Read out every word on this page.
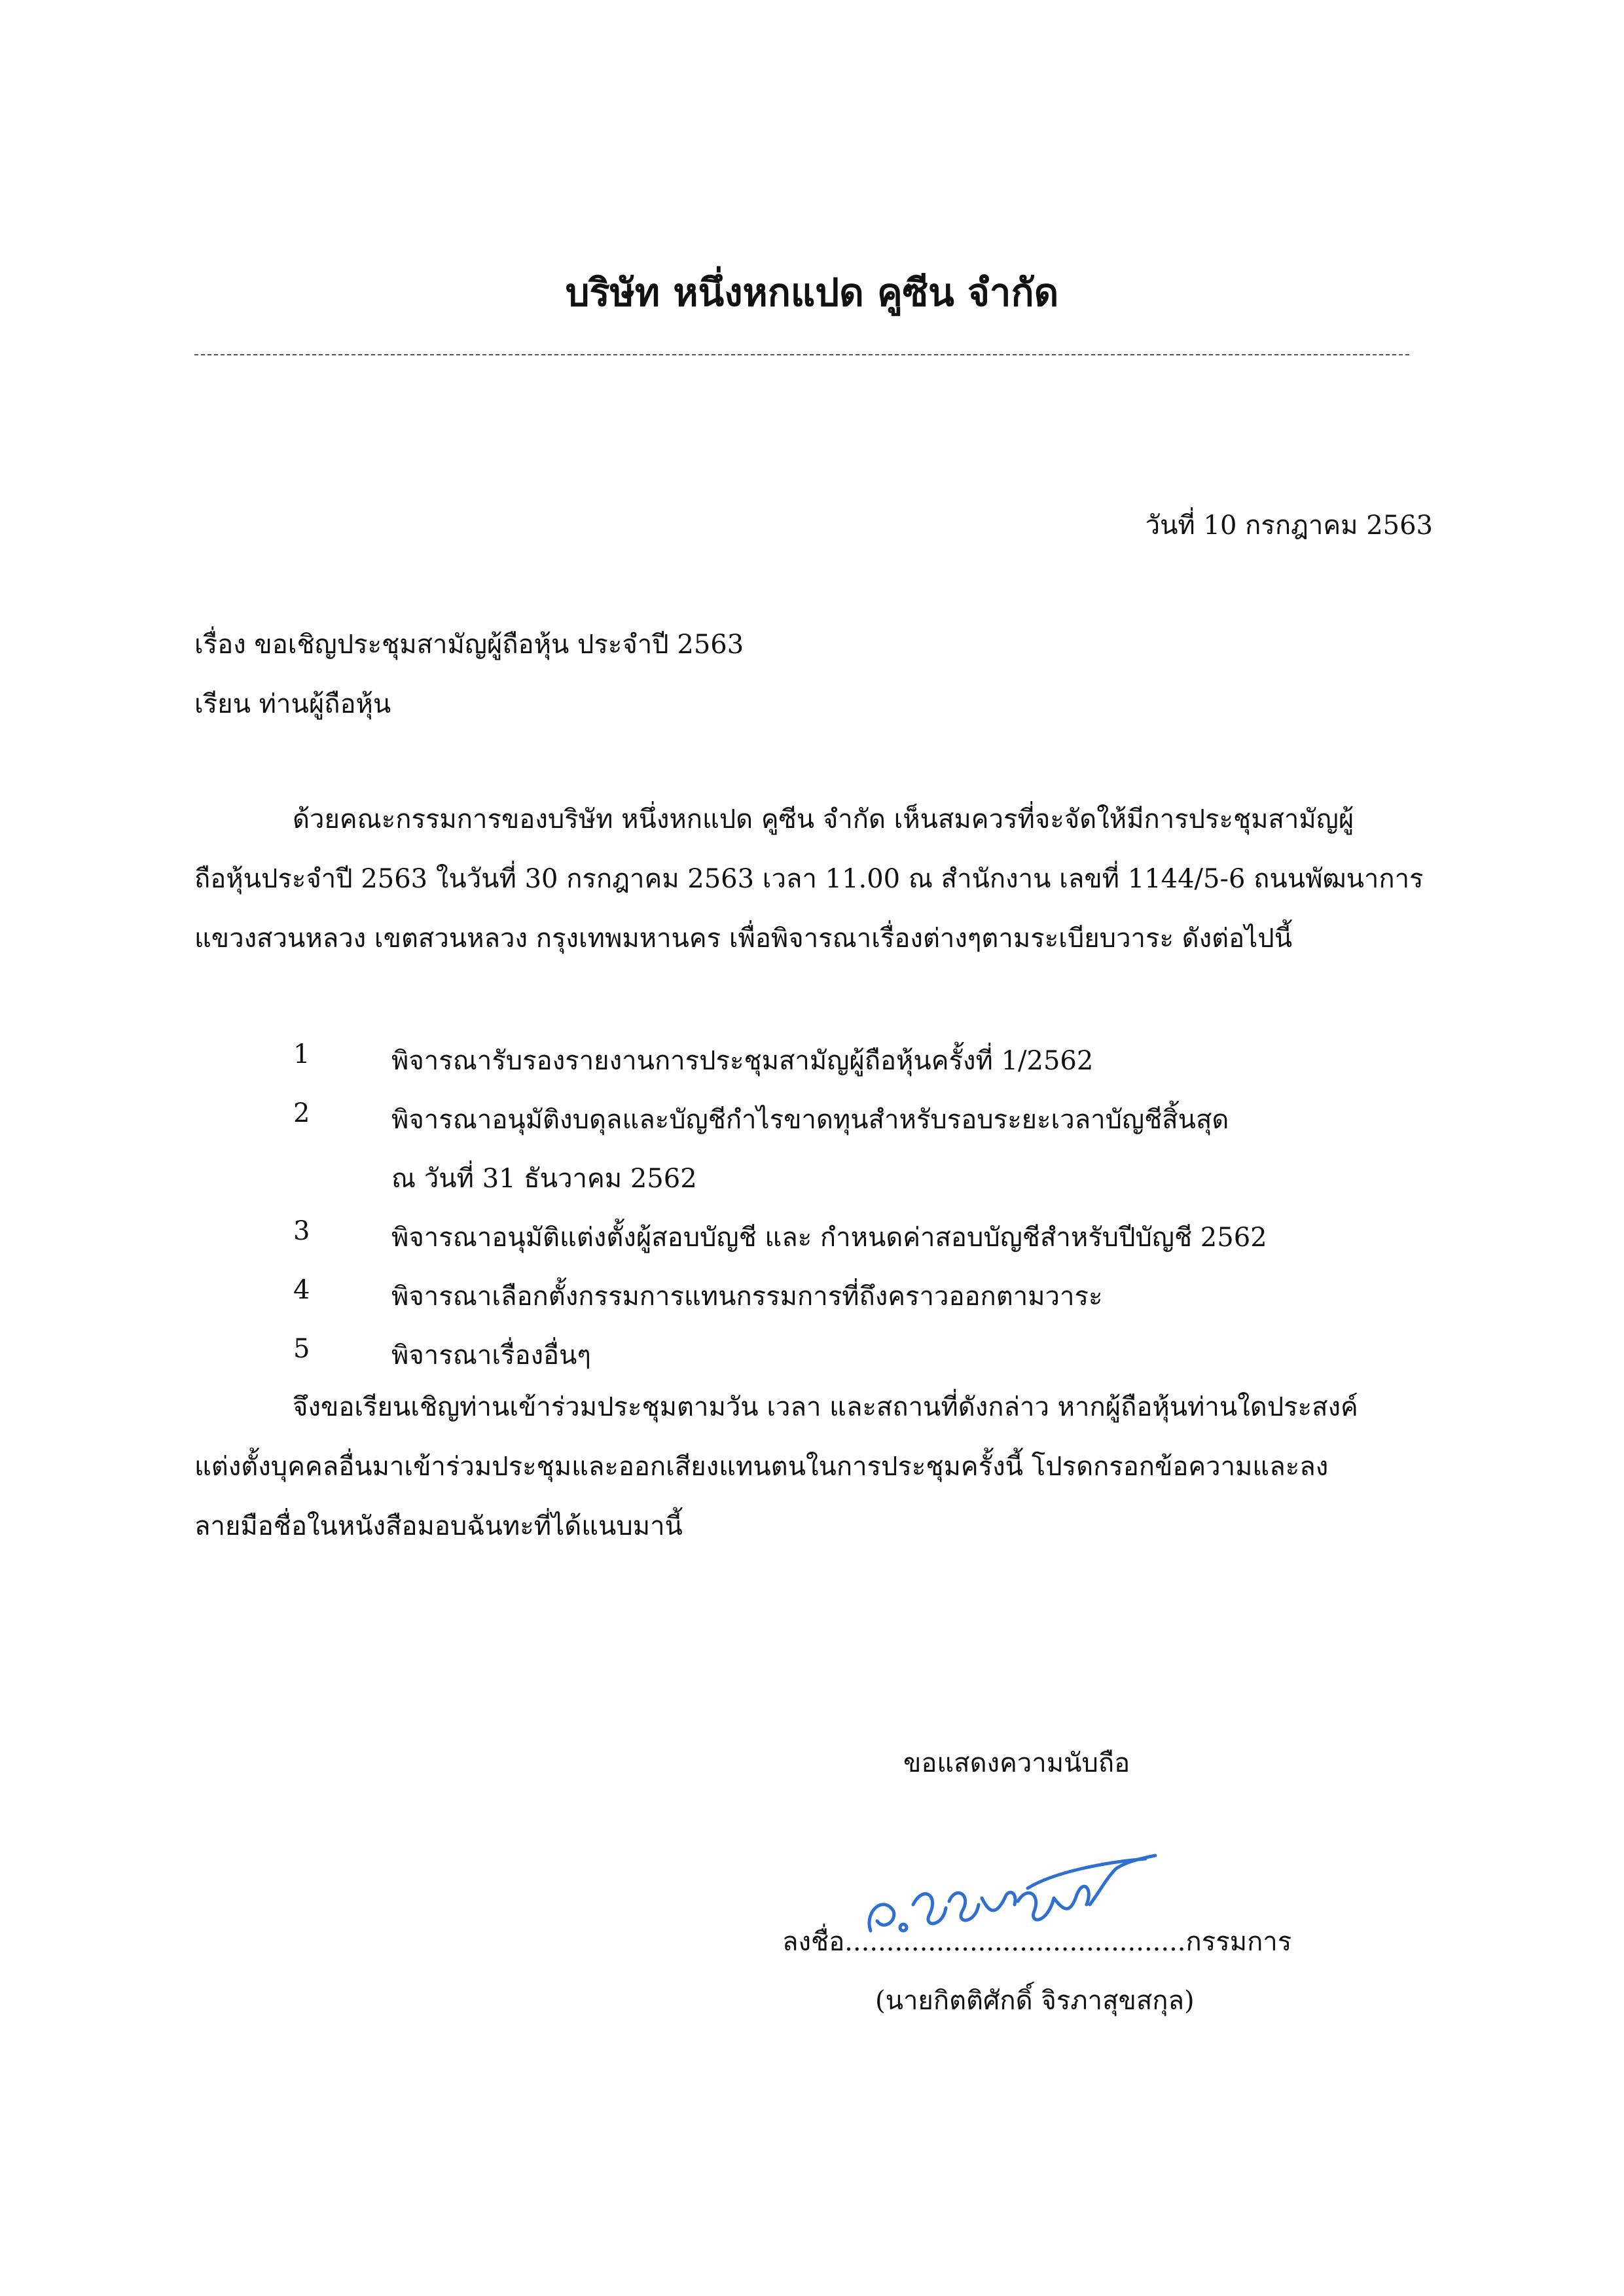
บริษัท หนึ่งหกแปด คูซีน จำกัด
วันที่ 10 กรกฎาคม 2563
เรื่อง ขอเชิญประชุมสามัญผู้ถือหุ้น ประจำปี 2563
เรียน ท่านผู้ถือหุ้น
ด้วยคณะกรรมการของบริษัท หนึ่งหกแปด คูซีน จำกัด เห็นสมควรที่จะจัดให้มีการประชุมสามัญผู้
ถือหุ้นประจำปี 2563 ในวันที่ 30 กรกฎาคม 2563 เวลา 11.00 ณ สำนักงาน เลขที่ 1144/5-6 ถนนพัฒนาการ
แขวงสวนหลวง เขตสวนหลวง กรุงเทพมหานคร เพื่อพิจารณาเรื่องต่างๆตามระเบียบวาระ ดังต่อไปนี้
1	พิจารณารับรองรายงานการประชุมสามัญผู้ถือหุ้นครั้งที่ 1/2562
2	พิจารณาอนุมัติงบดุลและบัญชีกำไรขาดทุนสำหรับรอบระยะเวลาบัญชีสิ้นสุด
ณ วันที่ 31 ธันวาคม 2562
3	พิจารณาอนุมัติแต่งตั้งผู้สอบบัญชี และ กำหนดค่าสอบบัญชีสำหรับปีบัญชี 2562
4	พิจารณาเลือกตั้งกรรมการแทนกรรมการที่ถึงคราวออกตามวาระ
5	พิจารณาเรื่องอื่นๆ
จึงขอเรียนเชิญท่านเข้าร่วมประชุมตามวัน เวลา และสถานที่ดังกล่าว หากผู้ถือหุ้นท่านใดประสงค์
แต่งตั้งบุคคลอื่นมาเข้าร่วมประชุมและออกเสียงแทนตนในการประชุมครั้งนี้ โปรดกรอกข้อความและลง
ลายมือชื่อในหนังสือมอบฉันทะที่ได้แนบมานี้
ขอแสดงความนับถือ
ลงชื่อ.........................................กรรมการ
(นายกิตติศักดิ์ จิรภาสุขสกุล)
